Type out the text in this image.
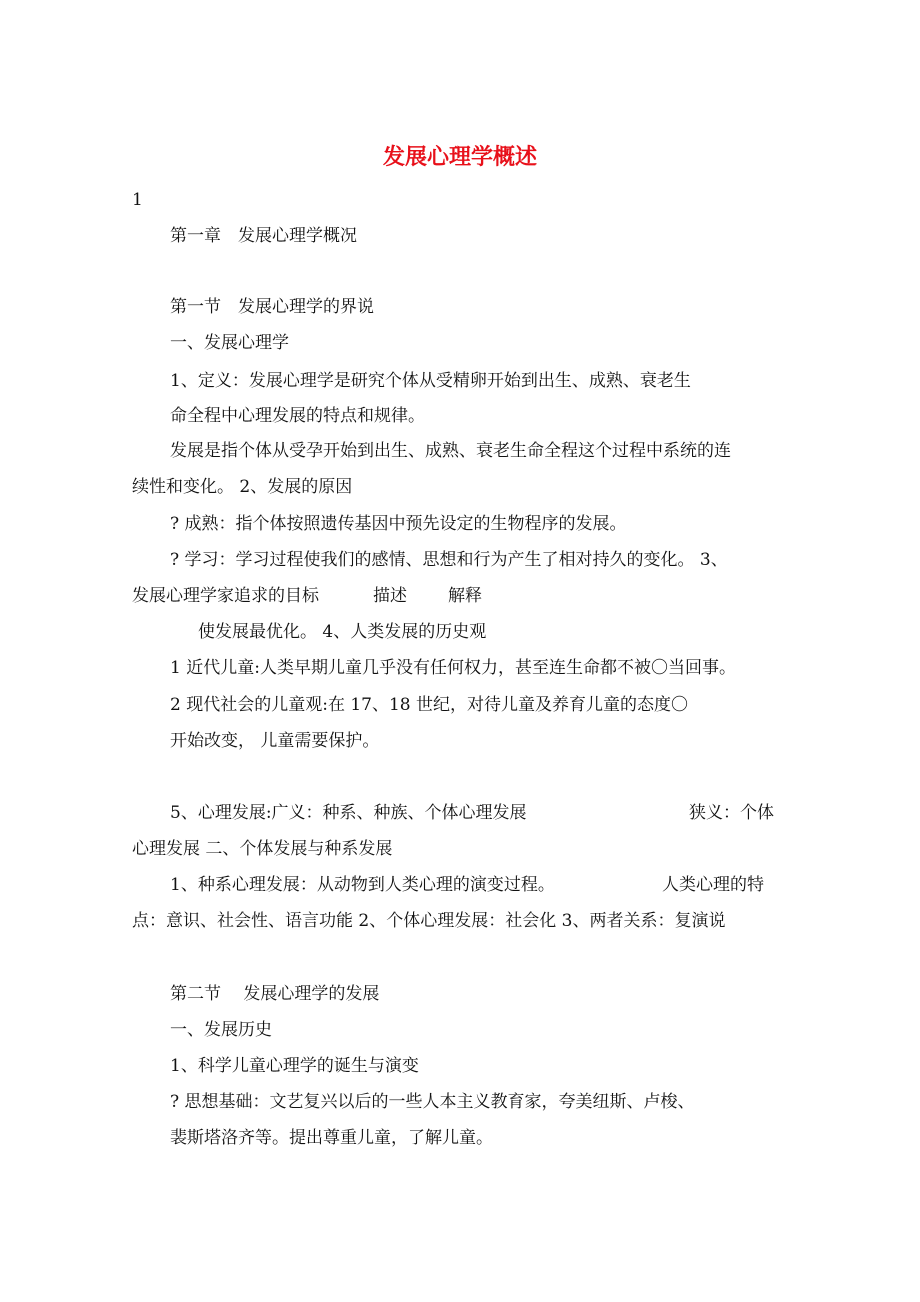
发展心理学概述
1
第一章　发展心理学概况
第一节　发展心理学的界说
一、发展心理学
1、定义：发展心理学是研究个体从受精卵开始到出生、成熟、衰老生
命全程中心理发展的特点和规律。
发展是指个体从受孕开始到出生、成熟、衰老生命全程这个过程中系统的连
续性和变化。 2、发展的原因
? 成熟：指个体按照遗传基因中预先设定的生物程序的发展。
? 学习：学习过程使我们的感情、思想和行为产生了相对持久的变化。 3、
发展心理学家追求的目标	描述 解释
使发展最优化。 4、人类发展的历史观
1 近代儿童:人类早期儿童几乎没有任何权力，甚至连生命都不被〇当回事。
2 现代社会的儿童观:在 17、18 世纪，对待儿童及养育儿童的态度〇
开始改变， 儿童需要保护。
5、心理发展:广义：种系、种族、个体心理发展	狭义：个体
心理发展 二、个体发展与种系发展
1、种系心理发展：从动物到人类心理的演变过程。	人类心理的特
点：意识、社会性、语言功能 2、个体心理发展：社会化 3、两者关系：复演说
第二节　 发展心理学的发展
一、发展历史
1、科学儿童心理学的诞生与演变
? 思想基础：文艺复兴以后的一些人本主义教育家，夸美纽斯、卢梭、
裴斯塔洛齐等。提出尊重儿童，了解儿童。
